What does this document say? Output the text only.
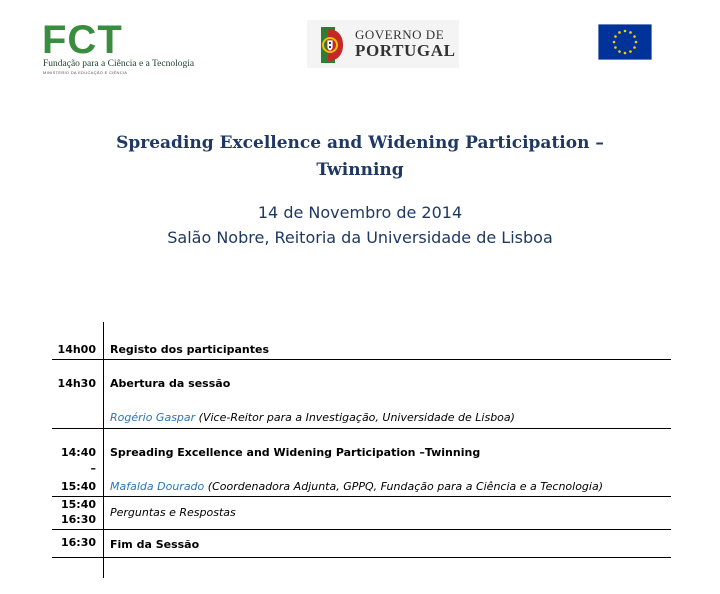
FCT
Fundação para a Ciência e a Tecnologia
MINISTÉRIO DA EDUCAÇÃO E CIÊNCIA
GOVERNO DE
PORTUGAL
Spreading Excellence and Widening Participation –
Twinning
14 de Novembro de 2014
Salão Nobre, Reitoria da Universidade de Lisboa
14h00 Registo dos participantes
14h30 Abertura da sessão
Rogério Gaspar (Vice-Reitor para a Investigação, Universidade de Lisboa)
14:40
–
15:40
Spreading Excellence and Widening Participation –Twinning
Mafalda Dourado (Coordenadora Adjunta, GPPQ, Fundação para a Ciência e a Tecnologia)
15:40
16:30
Perguntas e Respostas
16:30 Fim da Sessão
